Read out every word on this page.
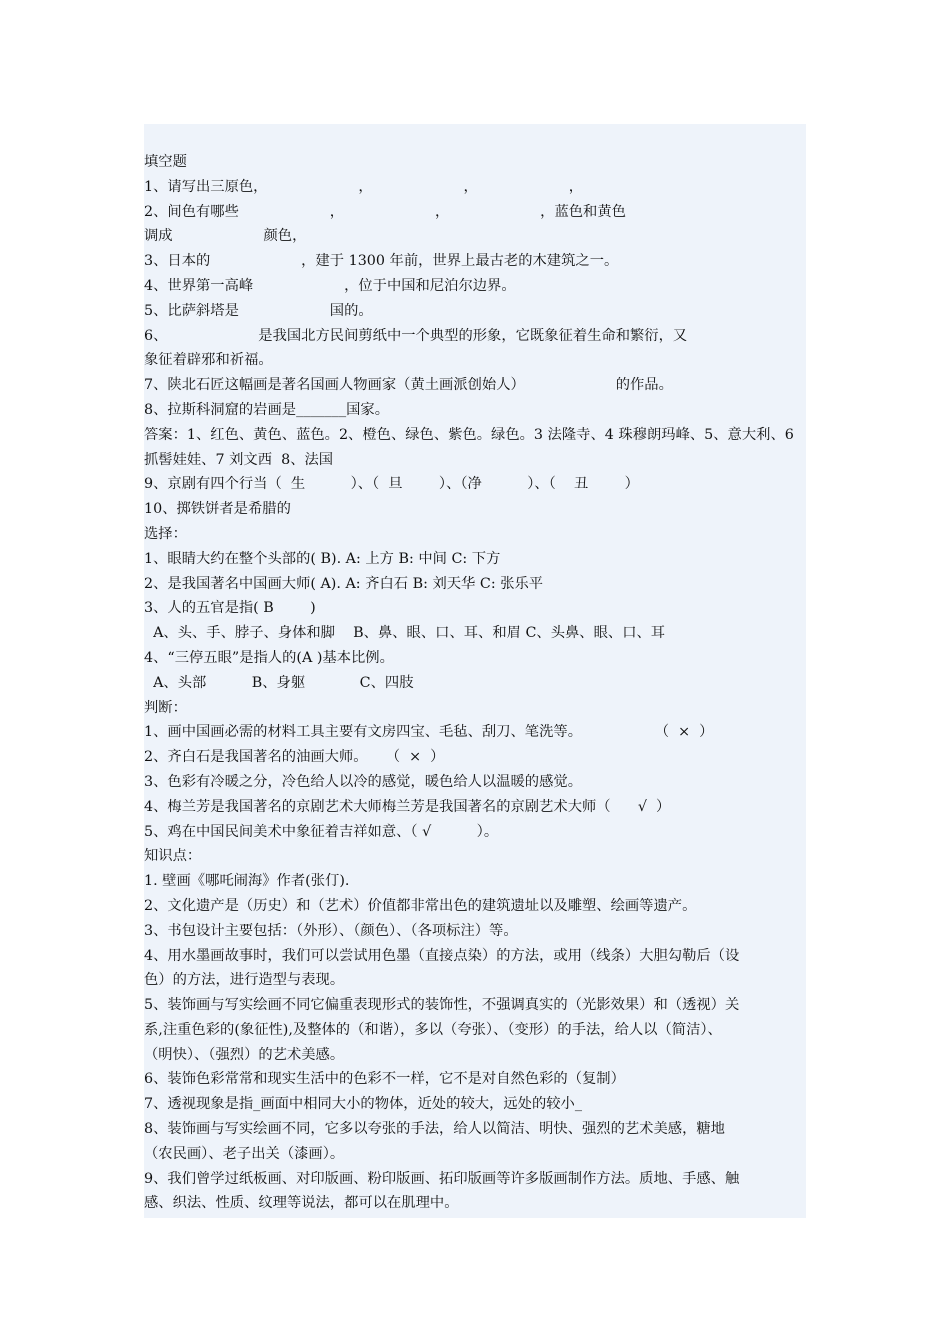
填空题
1、请写出三原色，                    ，                    ，                    ，
2、间色有哪些                    ，                    ，                    ，蓝色和黄色
调成                    颜色，
3、日本的                    ，建于 1300 年前，世界上最古老的木建筑之一。
4、世界第一高峰                    ，位于中国和尼泊尔边界。
5、比萨斜塔是                    国的。
6、                    是我国北方民间剪纸中一个典型的形象，它既象征着生命和繁衍，又
象征着辟邪和祈福。
7、陕北石匠这幅画是著名国画人物画家（黄土画派创始人）                    的作品。
8、拉斯科洞窟的岩画是_______国家。
答案：1、红色、黄色、蓝色。2、橙色、绿色、紫色。绿色。3 法隆寺、4 珠穆朗玛峰、5、意大利、6
抓髻娃娃、7 刘文西  8、法国
9、京剧有四个行当（  生          ）、（  旦        ）、（净          ）、（    丑        ）
10、掷铁饼者是希腊的
选择：
1、眼睛大约在整个头部的( B). A: 上方 B: 中间 C: 下方
2、是我国著名中国画大师( A). A: 齐白石 B: 刘天华 C: 张乐平
3、人的五官是指( B        )
A、头、手、脖子、身体和脚    B、鼻、眼、口、耳、和眉 C、头鼻、眼、口、耳
4、“三停五眼”是指人的(A )基本比例。
A、头部          B、身躯            C、四肢
判断：
1、画中国画必需的材料工具主要有文房四宝、毛毡、刮刀、笔洗等。                （  ×  ）
2、齐白石是我国著名的油画大师。    （  ×  ）
3、色彩有冷暖之分，冷色给人以冷的感觉，暖色给人以温暖的感觉。
4、梅兰芳是我国著名的京剧艺术大师梅兰芳是我国著名的京剧艺术大师（      √  ）
5、鸡在中国民间美术中象征着吉祥如意、（ √          ）。
知识点：
1. 壁画《哪吒闹海》作者(张仃).
2、文化遗产是（历史）和（艺术）价值都非常出色的建筑遗址以及雕塑、绘画等遗产。
3、书包设计主要包括：（外形）、（颜色）、（各项标注）等。
4、用水墨画故事时，我们可以尝试用色墨（直接点染）的方法，或用（线条）大胆勾勒后（设
色）的方法，进行造型与表现。
5、装饰画与写实绘画不同它偏重表现形式的装饰性，不强调真实的（光影效果）和（透视）关
系,注重色彩的(象征性),及整体的（和谐），多以（夸张）、（变形）的手法，给人以（简洁）、
（明快）、（强烈）的艺术美感。
6、装饰色彩常常和现实生活中的色彩不一样，它不是对自然色彩的（复制）
7、透视现象是指_画面中相同大小的物体，近处的较大，远处的较小_
8、装饰画与写实绘画不同，它多以夸张的手法，给人以简洁、明快、强烈的艺术美感，糖地
（农民画）、老子出关（漆画）。
9、我们曾学过纸板画、对印版画、粉印版画、拓印版画等许多版画制作方法。质地、手感、触
感、织法、性质、纹理等说法，都可以在肌理中。
